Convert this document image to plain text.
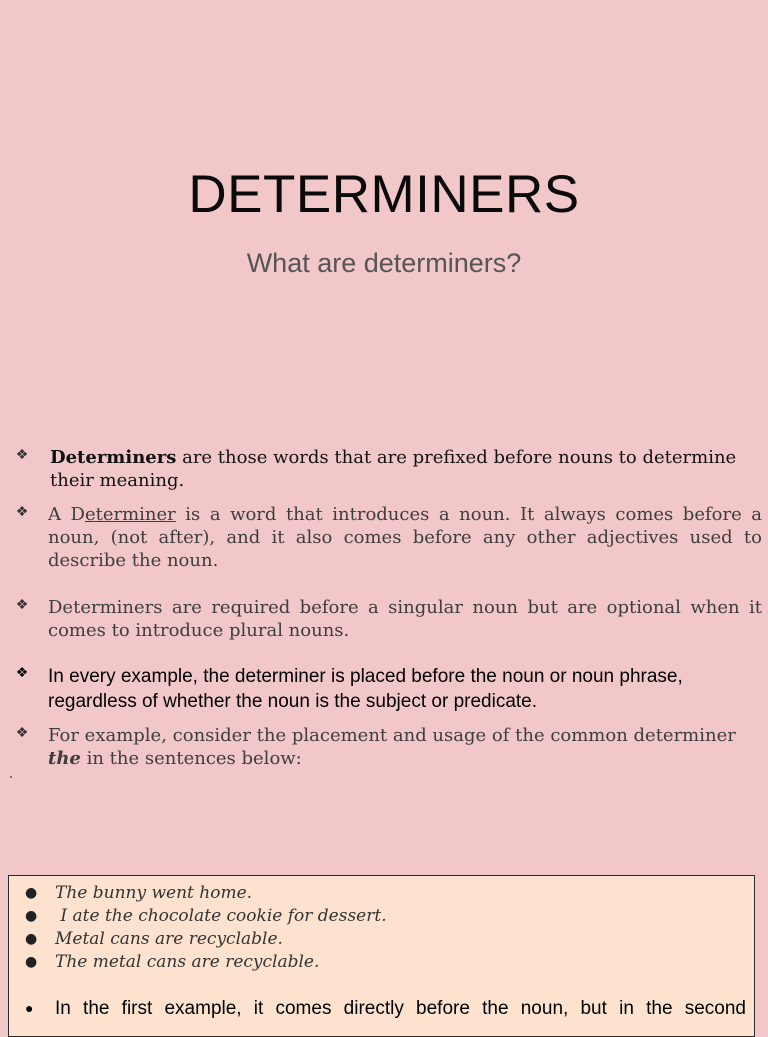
DETERMINERS
What are determiners?
❖ Determiners are those words that are prefixed before nouns to determine their meaning.
❖ A Determiner is a word that introduces a noun. It always comes before a noun, (not after), and it also comes before any other adjectives used to describe the noun.
❖ Determiners are required before a singular noun but are optional when it comes to introduce plural nouns.
❖ In every example, the determiner is placed before the noun or noun phrase, regardless of whether the noun is the subject or predicate.
❖ For example, consider the placement and usage of the common determiner the in the sentences below:
● The bunny went home.
● I ate the chocolate cookie for dessert.
● Metal cans are recyclable.
● The metal cans are recyclable.
● In the first example, it comes directly before the noun, but in the second
